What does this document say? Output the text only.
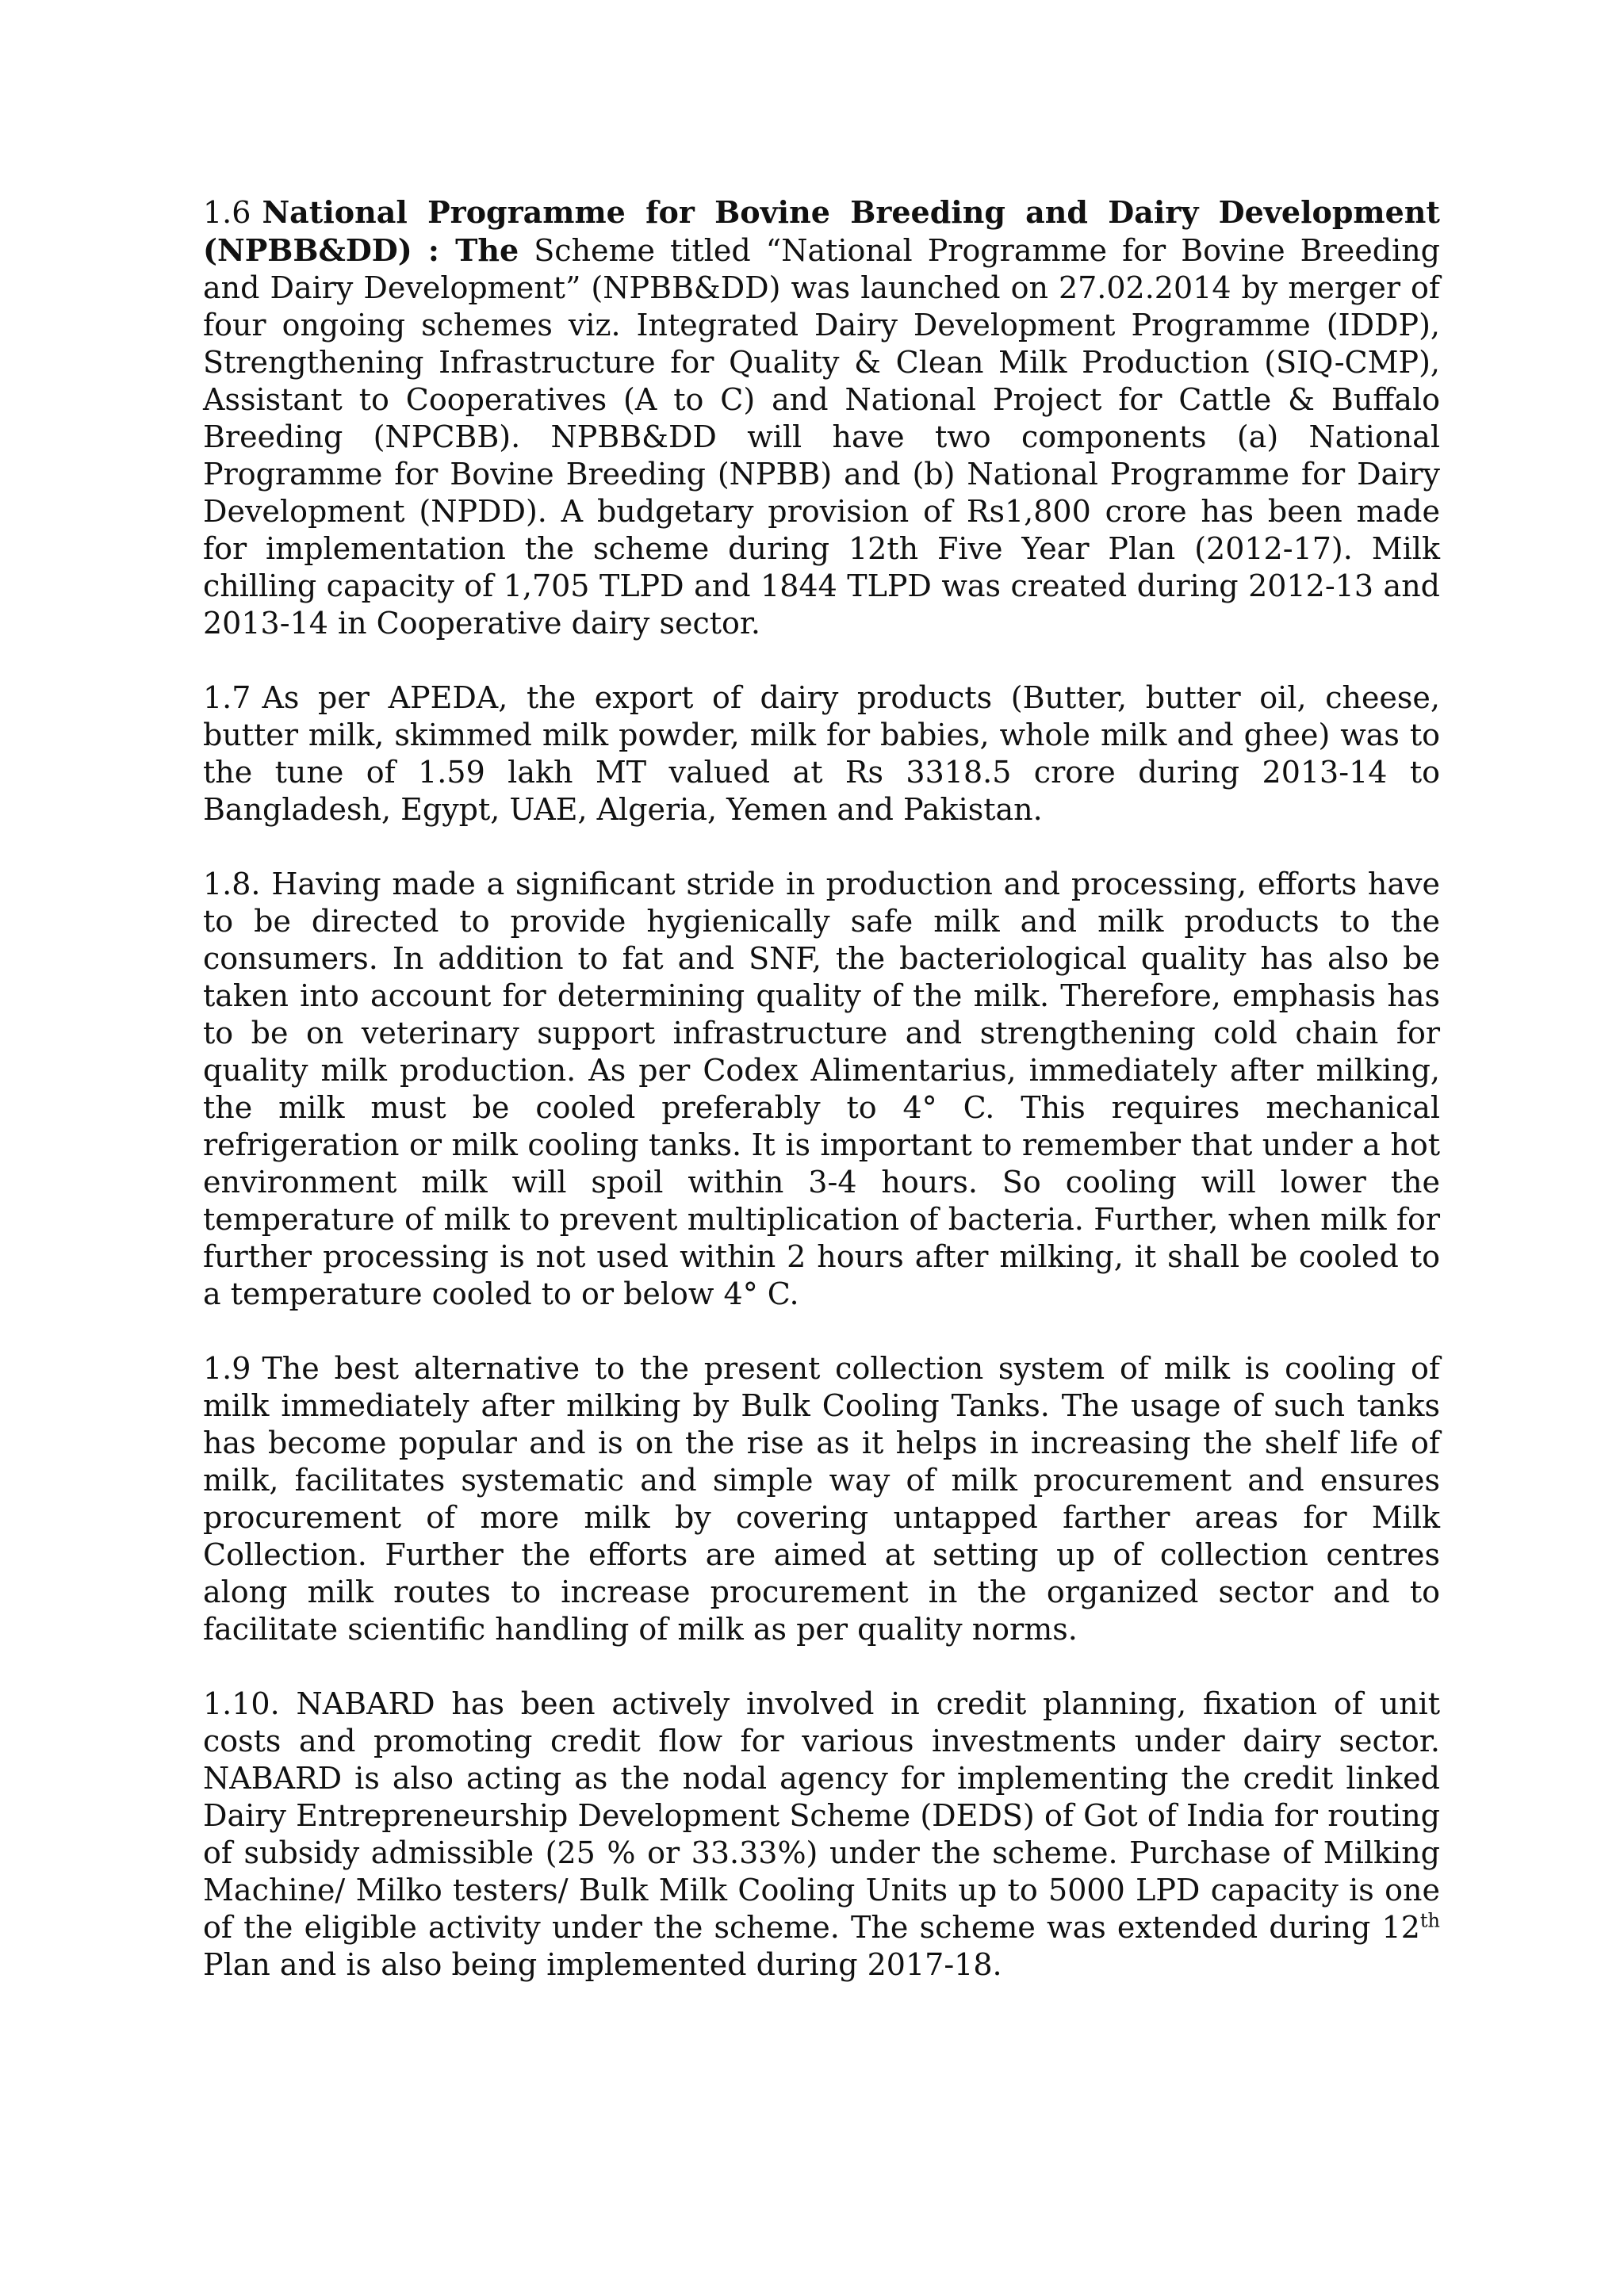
1.6 National Programme for Bovine Breeding and Dairy Development (NPBB&DD) : The Scheme titled “National Programme for Bovine Breeding and Dairy Development” (NPBB&DD) was launched on 27.02.2014 by merger of four ongoing schemes viz. Integrated Dairy Development Programme (IDDP), Strengthening Infrastructure for Quality & Clean Milk Production (SIQ-CMP), Assistant to Cooperatives (A to C) and National Project for Cattle & Buffalo Breeding (NPCBB). NPBB&DD will have two components (a) National Programme for Bovine Breeding (NPBB) and (b) National Programme for Dairy Development (NPDD). A budgetary provision of Rs1,800 crore has been made for implementation the scheme during 12th Five Year Plan (2012-17). Milk chilling capacity of 1,705 TLPD and 1844 TLPD was created during 2012-13 and 2013-14 in Cooperative dairy sector.

1.7 As per APEDA, the export of dairy products (Butter, butter oil, cheese, butter milk, skimmed milk powder, milk for babies, whole milk and ghee) was to the tune of 1.59 lakh MT valued at Rs 3318.5 crore during 2013-14 to Bangladesh, Egypt, UAE, Algeria, Yemen and Pakistan.

1.8. Having made a significant stride in production and processing, efforts have to be directed to provide hygienically safe milk and milk products to the consumers. In addition to fat and SNF, the bacteriological quality has also be taken into account for determining quality of the milk. Therefore, emphasis has to be on veterinary support infrastructure and strengthening cold chain for quality milk production. As per Codex Alimentarius, immediately after milking, the milk must be cooled preferably to 4° C. This requires mechanical refrigeration or milk cooling tanks. It is important to remember that under a hot environment milk will spoil within 3-4 hours. So cooling will lower the temperature of milk to prevent multiplication of bacteria. Further, when milk for further processing is not used within 2 hours after milking, it shall be cooled to a temperature cooled to or below 4° C.

1.9 The best alternative to the present collection system of milk is cooling of milk immediately after milking by Bulk Cooling Tanks. The usage of such tanks has become popular and is on the rise as it helps in increasing the shelf life of milk, facilitates systematic and simple way of milk procurement and ensures procurement of more milk by covering untapped farther areas for Milk Collection. Further the efforts are aimed at setting up of collection centres along milk routes to increase procurement in the organized sector and to facilitate scientific handling of milk as per quality norms.

1.10. NABARD has been actively involved in credit planning, fixation of unit costs and promoting credit flow for various investments under dairy sector. NABARD is also acting as the nodal agency for implementing the credit linked Dairy Entrepreneurship Development Scheme (DEDS) of Got of India for routing of subsidy admissible (25 % or 33.33%) under the scheme. Purchase of Milking Machine/ Milko testers/ Bulk Milk Cooling Units up to 5000 LPD capacity is one of the eligible activity under the scheme. The scheme was extended during 12th Plan and is also being implemented during 2017-18.
